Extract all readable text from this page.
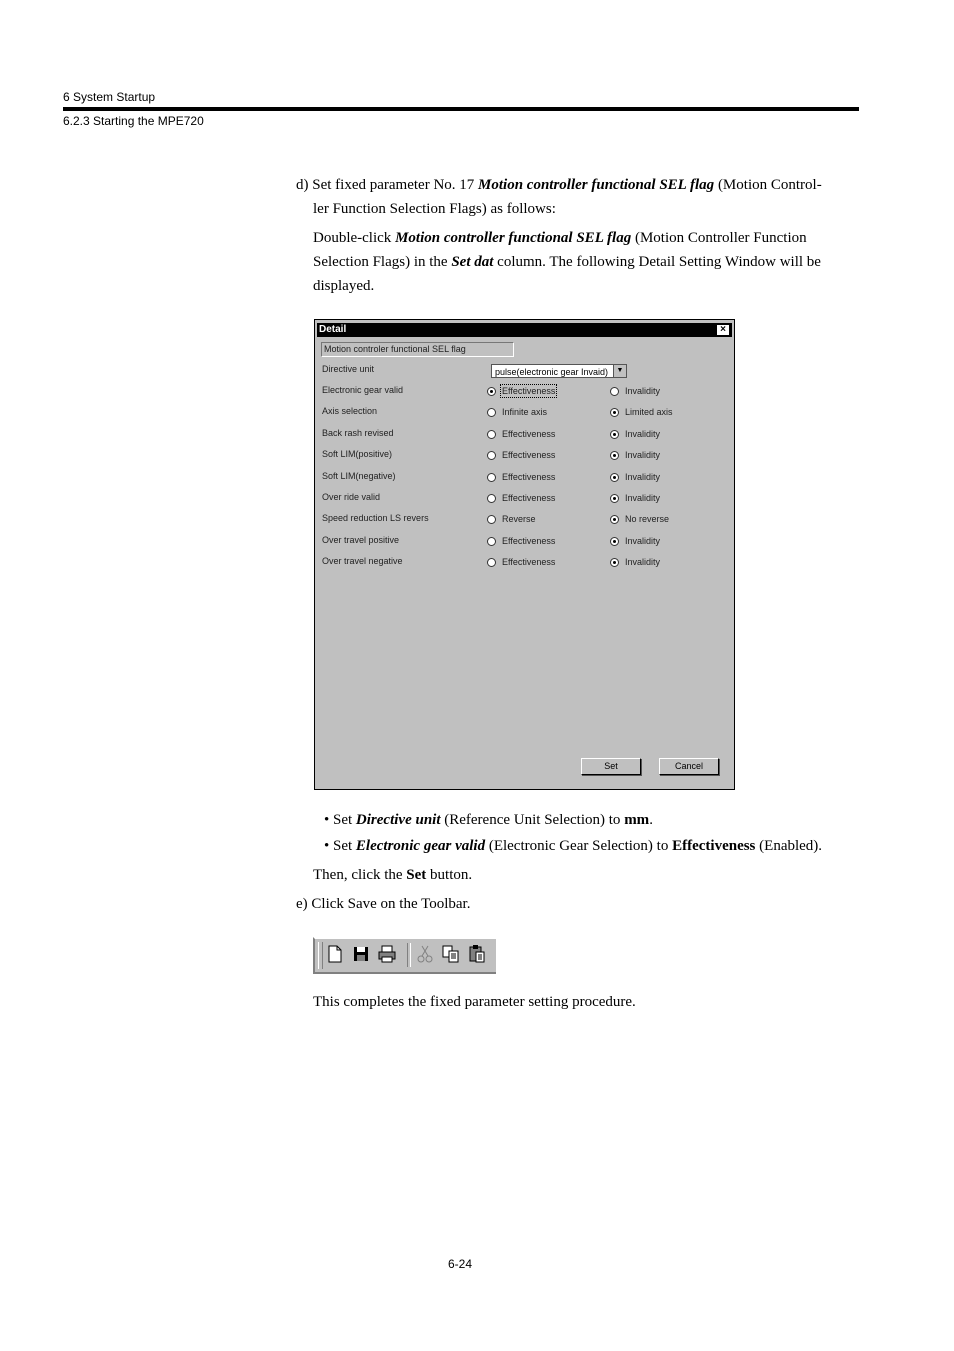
6 System Startup
6.2.3 Starting the MPE720
d) Set fixed parameter No. 17 Motion controller functional SEL flag (Motion Control-
ler Function Selection Flags) as follows:
Double-click Motion controller functional SEL flag (Motion Controller Function
Selection Flags) in the Set dat column. The following Detail Setting Window will be
displayed.
Detail	×
Motion controler functional SEL flag
Directive unit	pulse(electronic gear Invaid)	▼
Electronic gear valid	Effectiveness	Invalidity
Axis selection	Infinite axis	Limited axis
Back rash revised	Effectiveness	Invalidity
Soft LIM(positive)	Effectiveness	Invalidity
Soft LIM(negative)	Effectiveness	Invalidity
Over ride valid	Effectiveness	Invalidity
Speed reduction LS revers	Reverse	No reverse
Over travel positive	Effectiveness	Invalidity
Over travel negative	Effectiveness	Invalidity
Set	Cancel
• Set Directive unit (Reference Unit Selection) to mm.
• Set Electronic gear valid (Electronic Gear Selection) to Effectiveness (Enabled).
Then, click the Set button.
e) Click Save on the Toolbar.
This completes the fixed parameter setting procedure.
6-24
